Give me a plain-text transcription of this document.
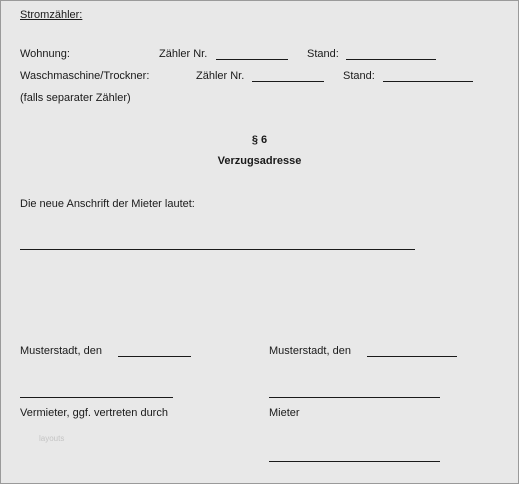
Stromzähler:
Wohnung:	Zähler Nr.	Stand:
Waschmaschine/Trockner:	Zähler Nr.	Stand:
(falls separater Zähler)
§ 6
Verzugsadresse
Die neue Anschrift der Mieter lautet:
Musterstadt, den	Musterstadt, den
Vermieter, ggf. vertreten durch	Mieter
layouts
